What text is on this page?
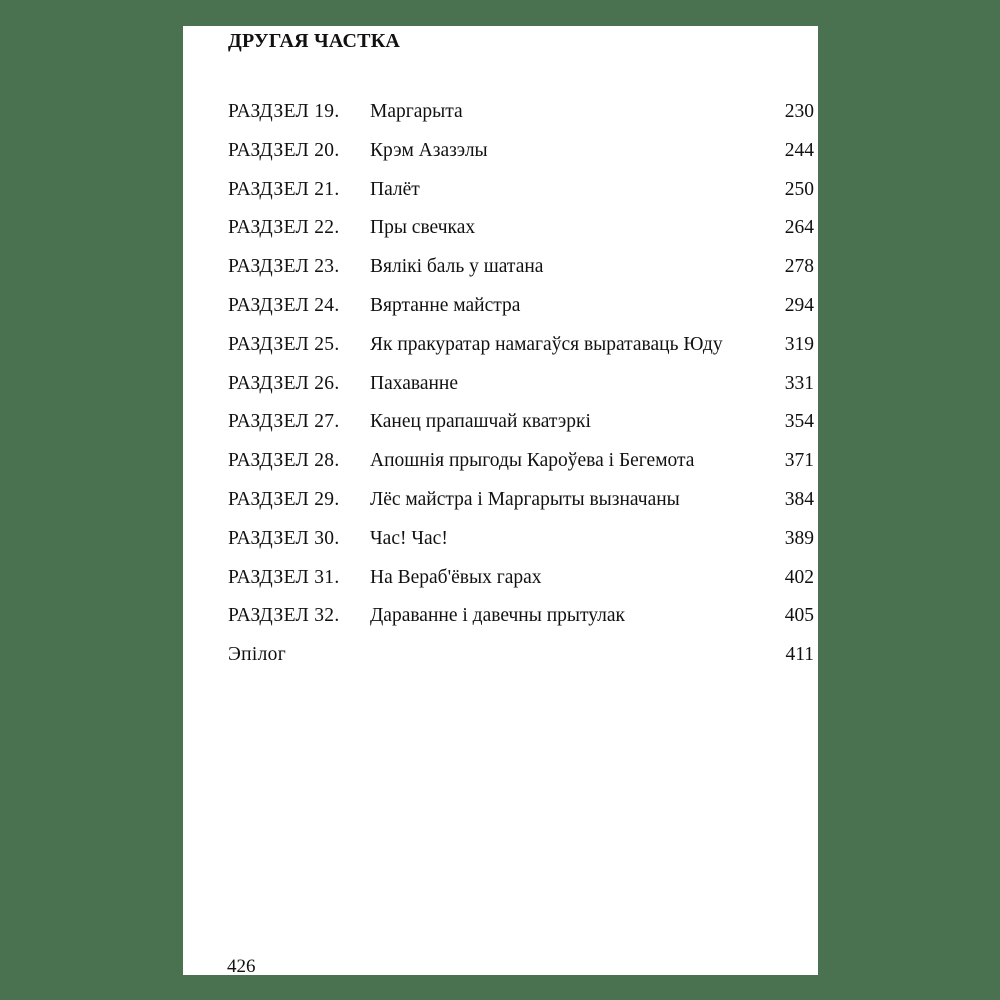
ДРУГАЯ ЧАСТКА
РАЗДЗЕЛ 19. Маргарыта	230
РАЗДЗЕЛ 20. Крэм Азазэлы	244
РАЗДЗЕЛ 21. Палёт	250
РАЗДЗЕЛ 22. Пры свечках	264
РАЗДЗЕЛ 23. Вялікі баль у шатана	278
РАЗДЗЕЛ 24. Вяртанне майстра	294
РАЗДЗЕЛ 25. Як пракуратар намагаўся выратаваць Юду	319
РАЗДЗЕЛ 26. Пахаванне	331
РАЗДЗЕЛ 27. Канец прапашчай кватэркі	354
РАЗДЗЕЛ 28. Апошнія прыгоды Кароўева і Бегемота	371
РАЗДЗЕЛ 29. Лёс майстра і Маргарыты вызначаны	384
РАЗДЗЕЛ 30. Час! Час!	389
РАЗДЗЕЛ 31. На Вераб'ёвых гарах	402
РАЗДЗЕЛ 32. Дараванне і давечны прытулак	405
Эпілог	411
426
